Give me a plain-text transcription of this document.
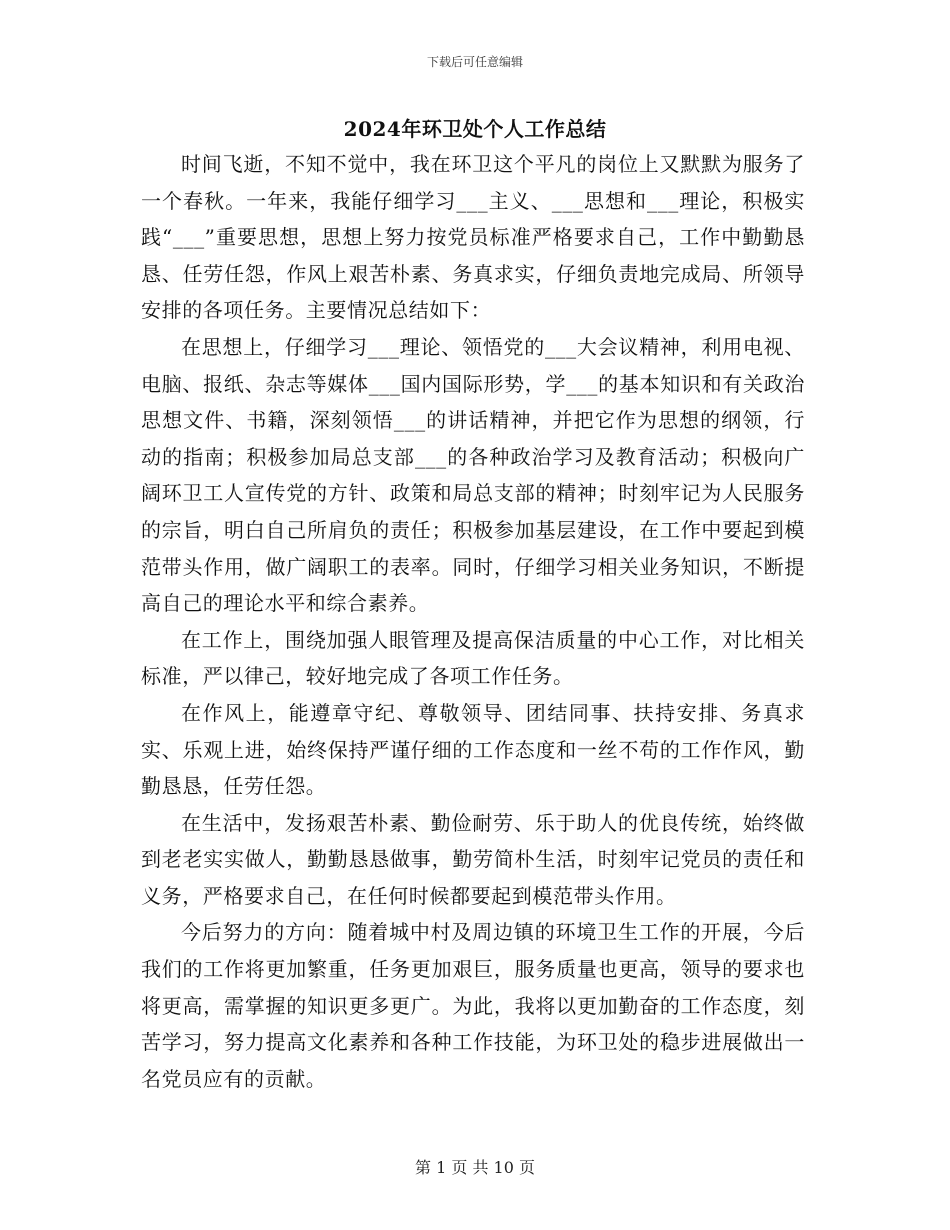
下载后可任意编辑
2024年环卫处个人工作总结

时间飞逝，不知不觉中，我在环卫这个平凡的岗位上又默默为服务了一个春秋。一年来，我能仔细学习___主义、___思想和___理论，积极实践“___”重要思想，思想上努力按党员标准严格要求自己，工作中勤勤恳恳、任劳任怨，作风上艰苦朴素、务真求实，仔细负责地完成局、所领导安排的各项任务。主要情况总结如下：

在思想上，仔细学习___理论、领悟党的___大会议精神，利用电视、电脑、报纸、杂志等媒体___国内国际形势，学___的基本知识和有关政治思想文件、书籍，深刻领悟___的讲话精神，并把它作为思想的纲领，行动的指南；积极参加局总支部___的各种政治学习及教育活动；积极向广阔环卫工人宣传党的方针、政策和局总支部的精神；时刻牢记为人民服务的宗旨，明白自己所肩负的责任；积极参加基层建设，在工作中要起到模范带头作用，做广阔职工的表率。同时，仔细学习相关业务知识，不断提高自己的理论水平和综合素养。

在工作上，围绕加强人眼管理及提高保洁质量的中心工作，对比相关标准，严以律己，较好地完成了各项工作任务。

在作风上，能遵章守纪、尊敬领导、团结同事、扶持安排、务真求实、乐观上进，始终保持严谨仔细的工作态度和一丝不苟的工作作风，勤勤恳恳，任劳任怨。

在生活中，发扬艰苦朴素、勤俭耐劳、乐于助人的优良传统，始终做到老老实实做人，勤勤恳恳做事，勤劳简朴生活，时刻牢记党员的责任和义务，严格要求自己，在任何时候都要起到模范带头作用。

今后努力的方向：随着城中村及周边镇的环境卫生工作的开展，今后我们的工作将更加繁重，任务更加艰巨，服务质量也更高，领导的要求也将更高，需掌握的知识更多更广。为此，我将以更加勤奋的工作态度，刻苦学习，努力提高文化素养和各种工作技能，为环卫处的稳步进展做出一名党员应有的贡献。

第 1 页 共 10 页
